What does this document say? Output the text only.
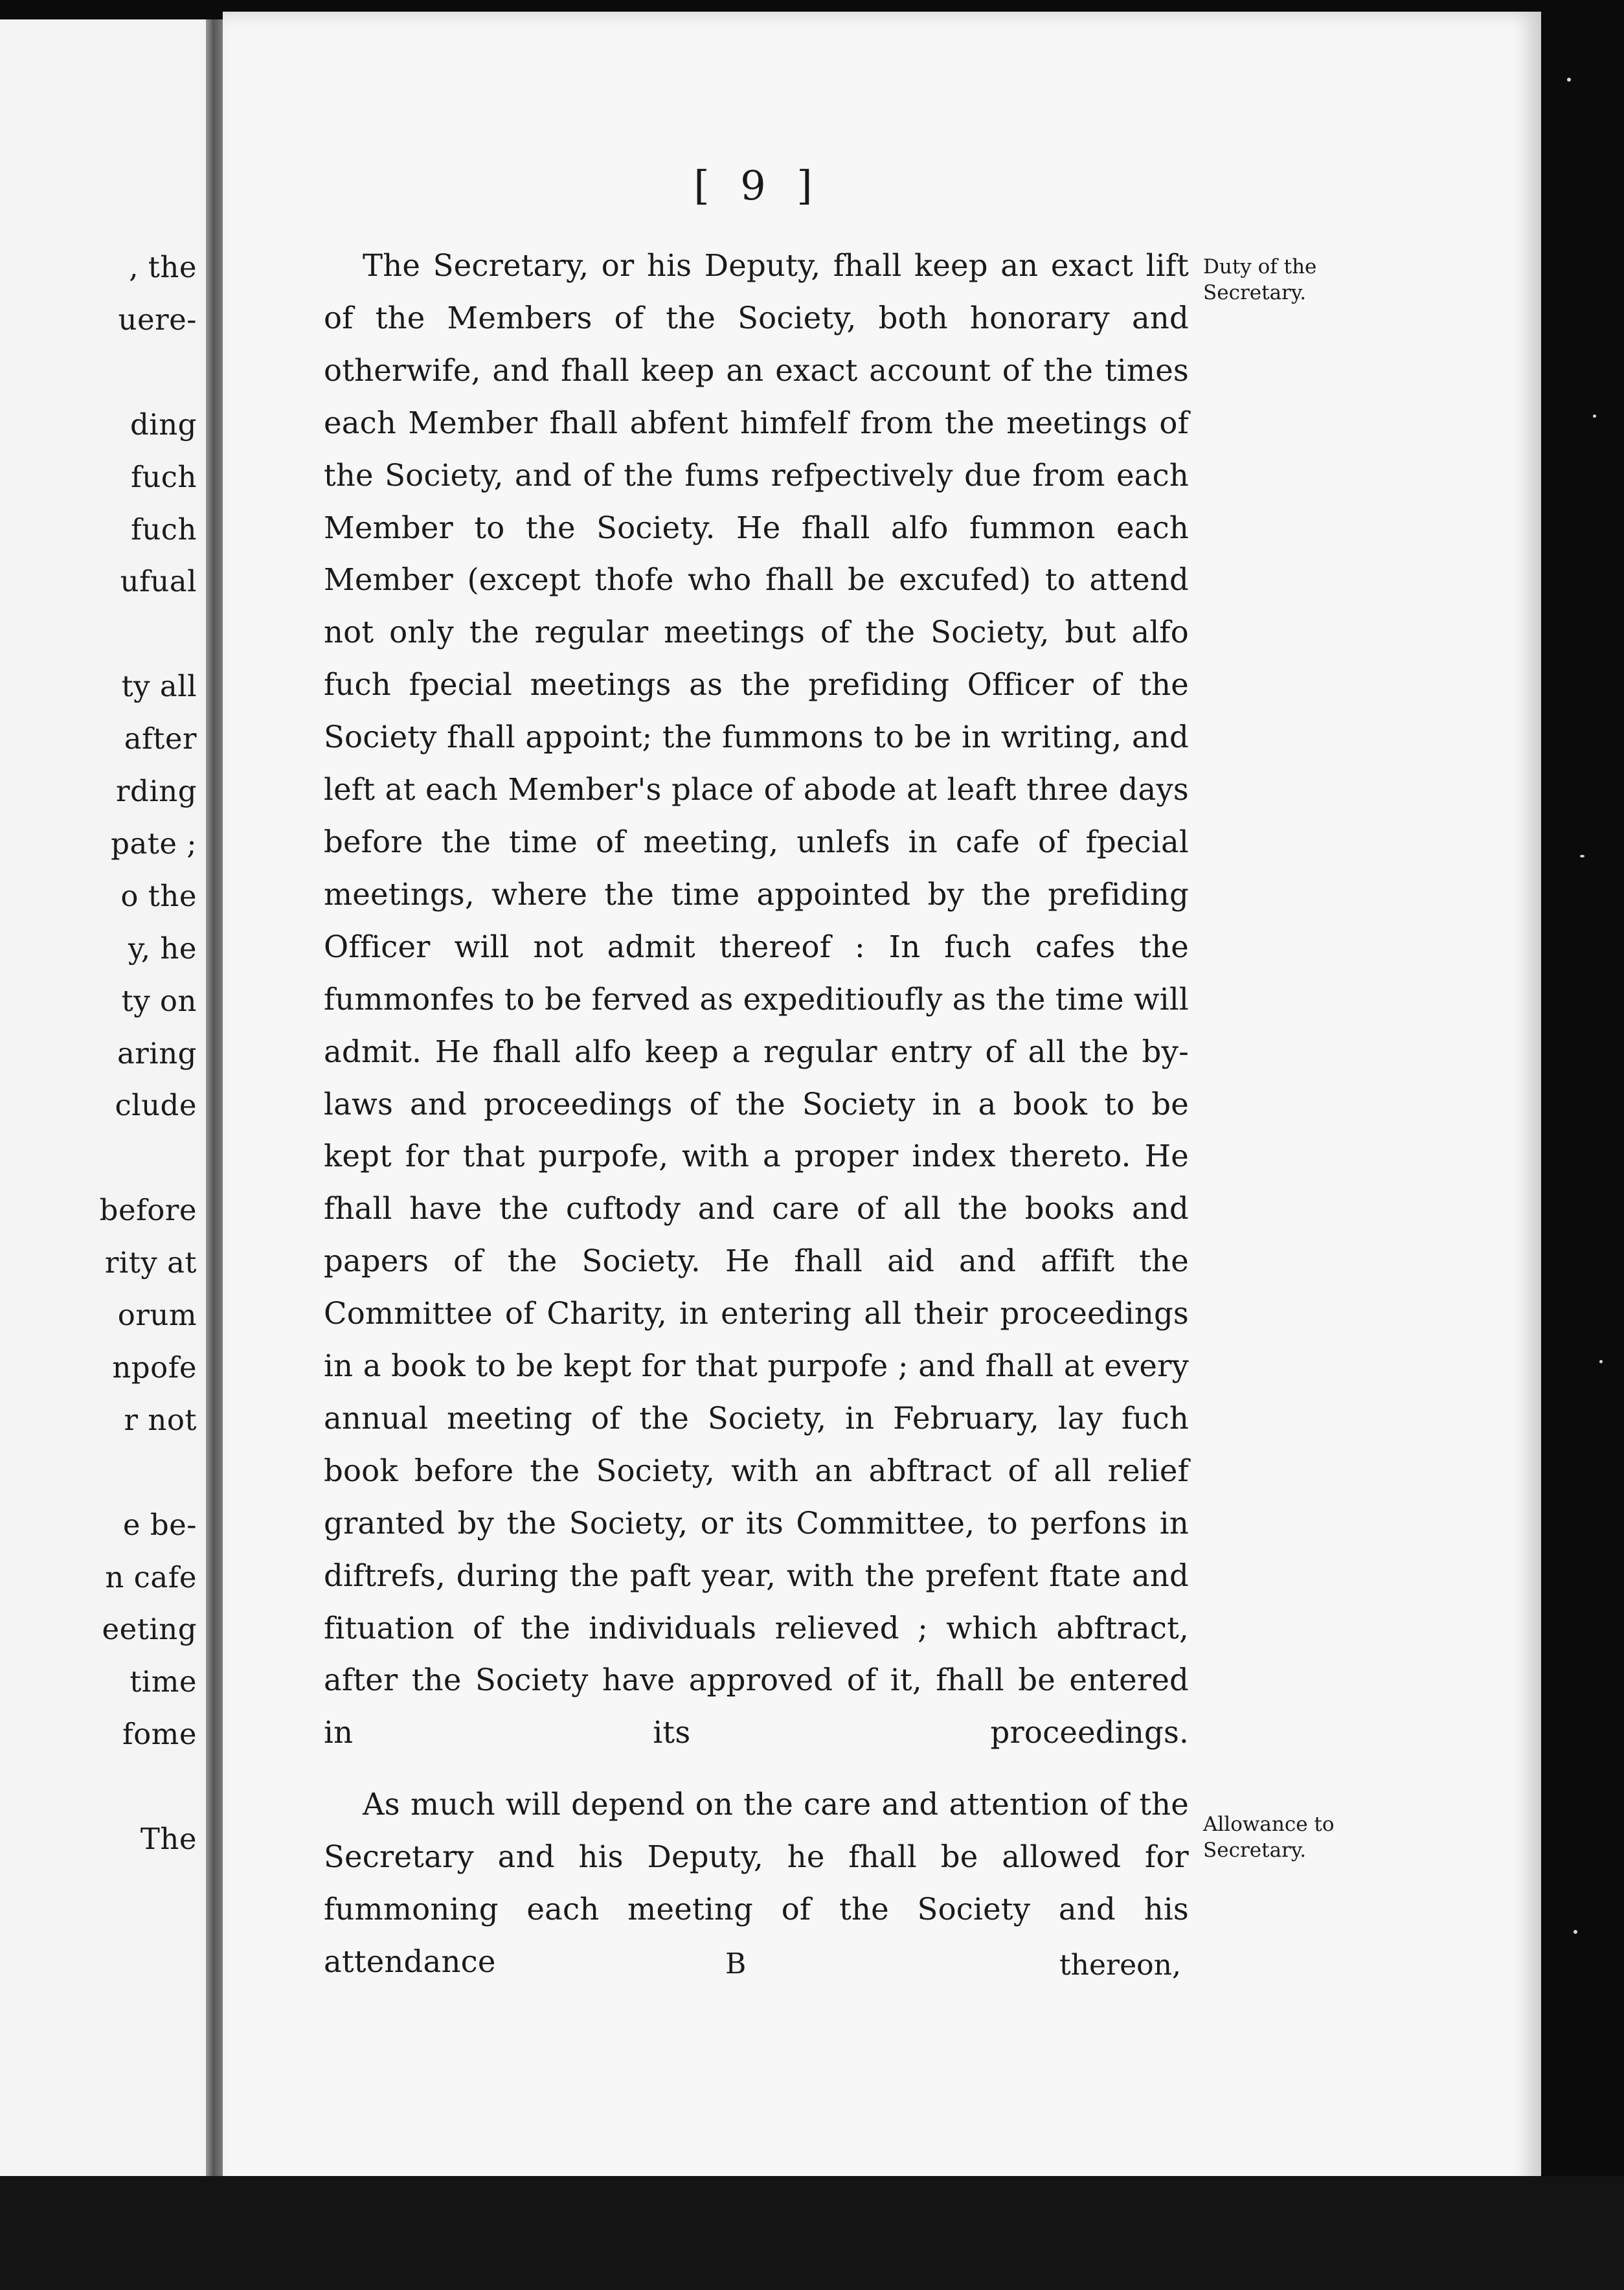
, the

uere-

ding

fuch

fuch

ufual

ty all

after

rding

pate ;

o the

y, he

ty on

aring

clude

before

rity at

orum

npofe

r not

e be-

n cafe

eeting

time

fome

The

[ 9 ]

The Secretary, or his Deputy, fhall keep an exact lift of the Members of the Society, both honorary and otherwife, and fhall keep an exact account of the times each Member fhall abfent himfelf from the meetings of the Society, and of the fums refpectively due from each Member to the Society. He fhall alfo fummon each Member (except thofe who fhall be excufed) to attend not only the regular meetings of the Society, but alfo fuch fpecial meetings as the prefiding Officer of the Society fhall appoint; the fummons to be in writing, and left at each Member's place of abode at leaft three days before the time of meeting, unlefs in cafe of fpecial meetings, where the time appointed by the prefiding Officer will not admit thereof : In fuch cafes the fummonfes to be ferved as expeditioufly as the time will admit. He fhall alfo keep a regular entry of all the by-laws and proceedings of the Society in a book to be kept for that purpofe, with a proper index thereto. He fhall have the cuftody and care of all the books and papers of the Society. He fhall aid and affift the Committee of Charity, in entering all their proceedings in a book to be kept for that purpofe ; and fhall at every annual meeting of the Society, in February, lay fuch book before the Society, with an abftract of all relief granted by the Society, or its Committee, to perfons in diftrefs, during the paft year, with the prefent ftate and fituation of the individuals relieved ; which abftract, after the Society have approved of it, fhall be entered in its proceedings.

Duty of the
Secretary.

As much will depend on the care and attention of the Secretary and his Deputy, he fhall be allowed for fummoning each meeting of the Society and his attendance

Allowance to
Secretary.

B	thereon,
